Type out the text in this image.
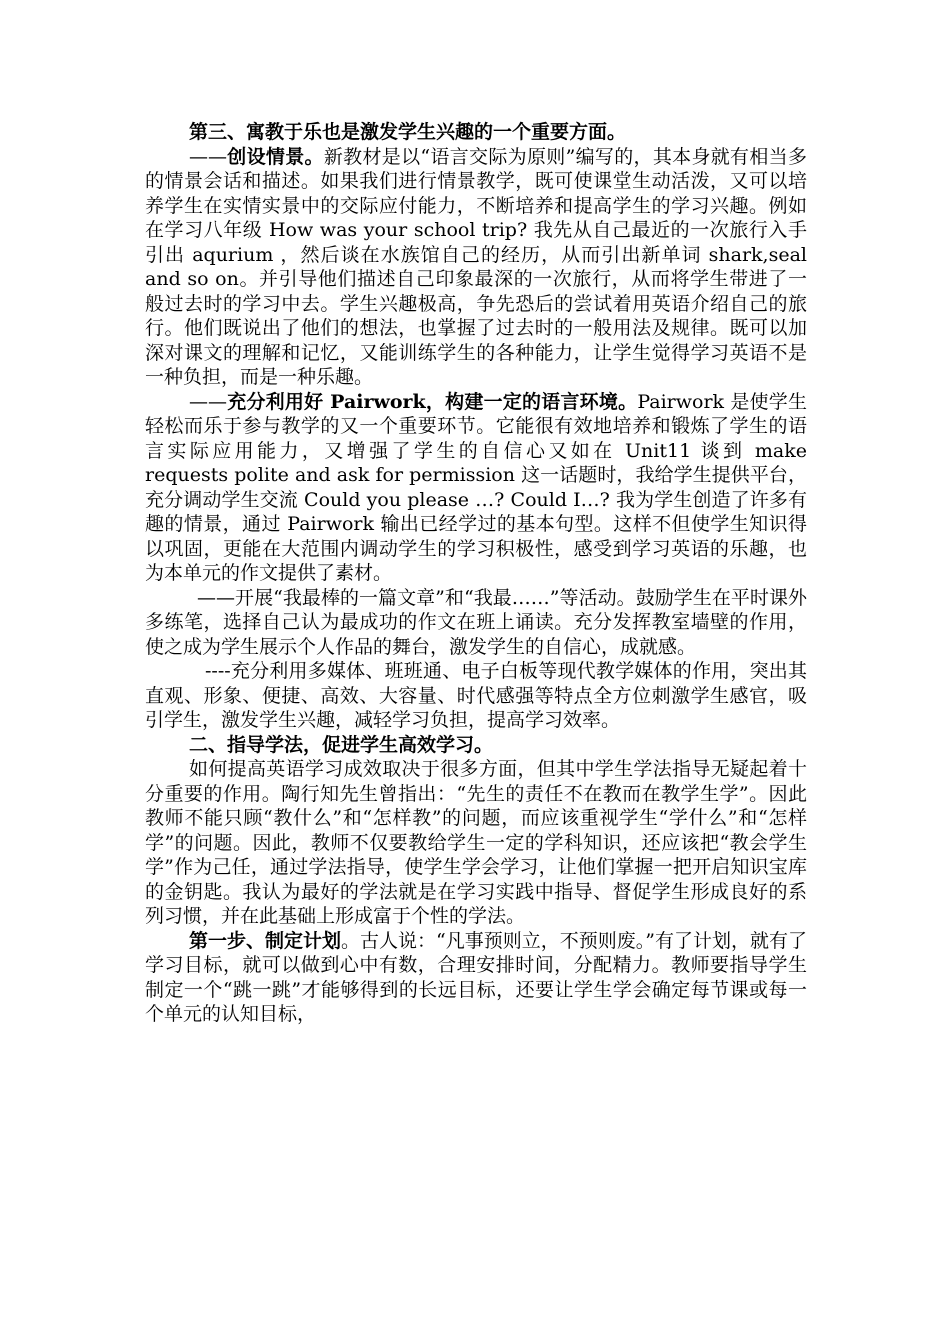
第三、寓教于乐也是激发学生兴趣的一个重要方面。

——创设情景。新教材是以“语言交际为原则”编写的，其本身就有相当多的情景会话和描述。如果我们进行情景教学，既可使课堂生动活泼，又可以培养学生在实情实景中的交际应付能力，不断培养和提高学生的学习兴趣。例如在学习八年级 How was your school trip? 我先从自己最近的一次旅行入手引出 aqurium ，然后谈在水族馆自己的经历，从而引出新单词 shark,seal and so on。并引导他们描述自己印象最深的一次旅行，从而将学生带进了一般过去时的学习中去。学生兴趣极高，争先恐后的尝试着用英语介绍自己的旅行。他们既说出了他们的想法，也掌握了过去时的一般用法及规律。既可以加深对课文的理解和记忆，又能训练学生的各种能力，让学生觉得学习英语不是一种负担，而是一种乐趣。

——充分利用好 Pairwork，构建一定的语言环境。Pairwork 是使学生轻松而乐于参与教学的又一个重要环节。它能很有效地培养和锻炼了学生的语言实际应用能力，又增强了学生的自信心又如在 Unit11 谈到 make requests polite and ask for permission 这一话题时，我给学生提供平台，充分调动学生交流 Could you please …? Could I…? 我为学生创造了许多有趣的情景，通过 Pairwork 输出已经学过的基本句型。这样不但使学生知识得以巩固，更能在大范围内调动学生的学习积极性，感受到学习英语的乐趣，也为本单元的作文提供了素材。

——开展“我最棒的一篇文章”和“我最……”等活动。鼓励学生在平时课外多练笔，选择自己认为最成功的作文在班上诵读。充分发挥教室墙壁的作用，使之成为学生展示个人作品的舞台，激发学生的自信心，成就感。

----充分利用多媒体、班班通、电子白板等现代教学媒体的作用，突出其直观、形象、便捷、高效、大容量、时代感强等特点全方位刺激学生感官，吸引学生，激发学生兴趣，减轻学习负担，提高学习效率。

二、指导学法，促进学生高效学习。

如何提高英语学习成效取决于很多方面，但其中学生学法指导无疑起着十分重要的作用。陶行知先生曾指出：“先生的责任不在教而在教学生学”。因此教师不能只顾“教什么”和“怎样教”的问题，而应该重视学生“学什么”和“怎样学”的问题。因此，教师不仅要教给学生一定的学科知识，还应该把“教会学生学”作为己任，通过学法指导，使学生学会学习，让他们掌握一把开启知识宝库的金钥匙。我认为最好的学法就是在学习实践中指导、督促学生形成良好的系列习惯，并在此基础上形成富于个性的学法。

第一步、制定计划。古人说：“凡事预则立，不预则废。”有了计划，就有了学习目标，就可以做到心中有数，合理安排时间，分配精力。教师要指导学生制定一个“跳一跳”才能够得到的长远目标，还要让学生学会确定每节课或每一个单元的认知目标，
